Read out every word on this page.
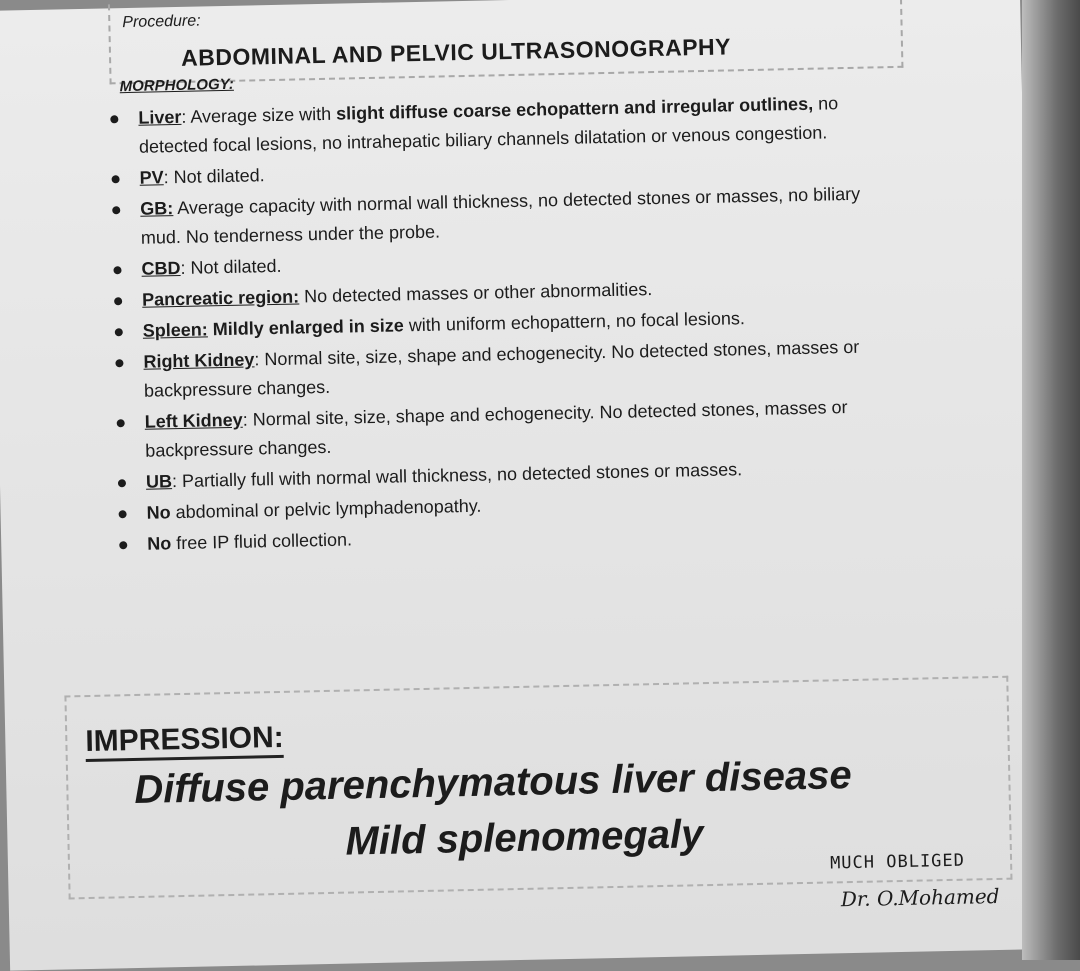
Procedure:
ABDOMINAL AND PELVIC ULTRASONOGRAPHY
MORPHOLOGY:
Liver: Average size with slight diffuse coarse echopattern and irregular outlines, no detected focal lesions, no intrahepatic biliary channels dilatation or venous congestion.
PV: Not dilated.
GB: Average capacity with normal wall thickness, no detected stones or masses, no biliary mud. No tenderness under the probe.
CBD: Not dilated.
Pancreatic region: No detected masses or other abnormalities.
Spleen: Mildly enlarged in size with uniform echopattern, no focal lesions.
Right Kidney: Normal site, size, shape and echogenecity. No detected stones, masses or backpressure changes.
Left Kidney: Normal site, size, shape and echogenecity. No detected stones, masses or backpressure changes.
UB: Partially full with normal wall thickness, no detected stones or masses.
No abdominal or pelvic lymphadenopathy.
No free IP fluid collection.
IMPRESSION:
Diffuse parenchymatous liver disease
Mild splenomegaly	MUCH OBLIGED
Dr. O.Mohamed
